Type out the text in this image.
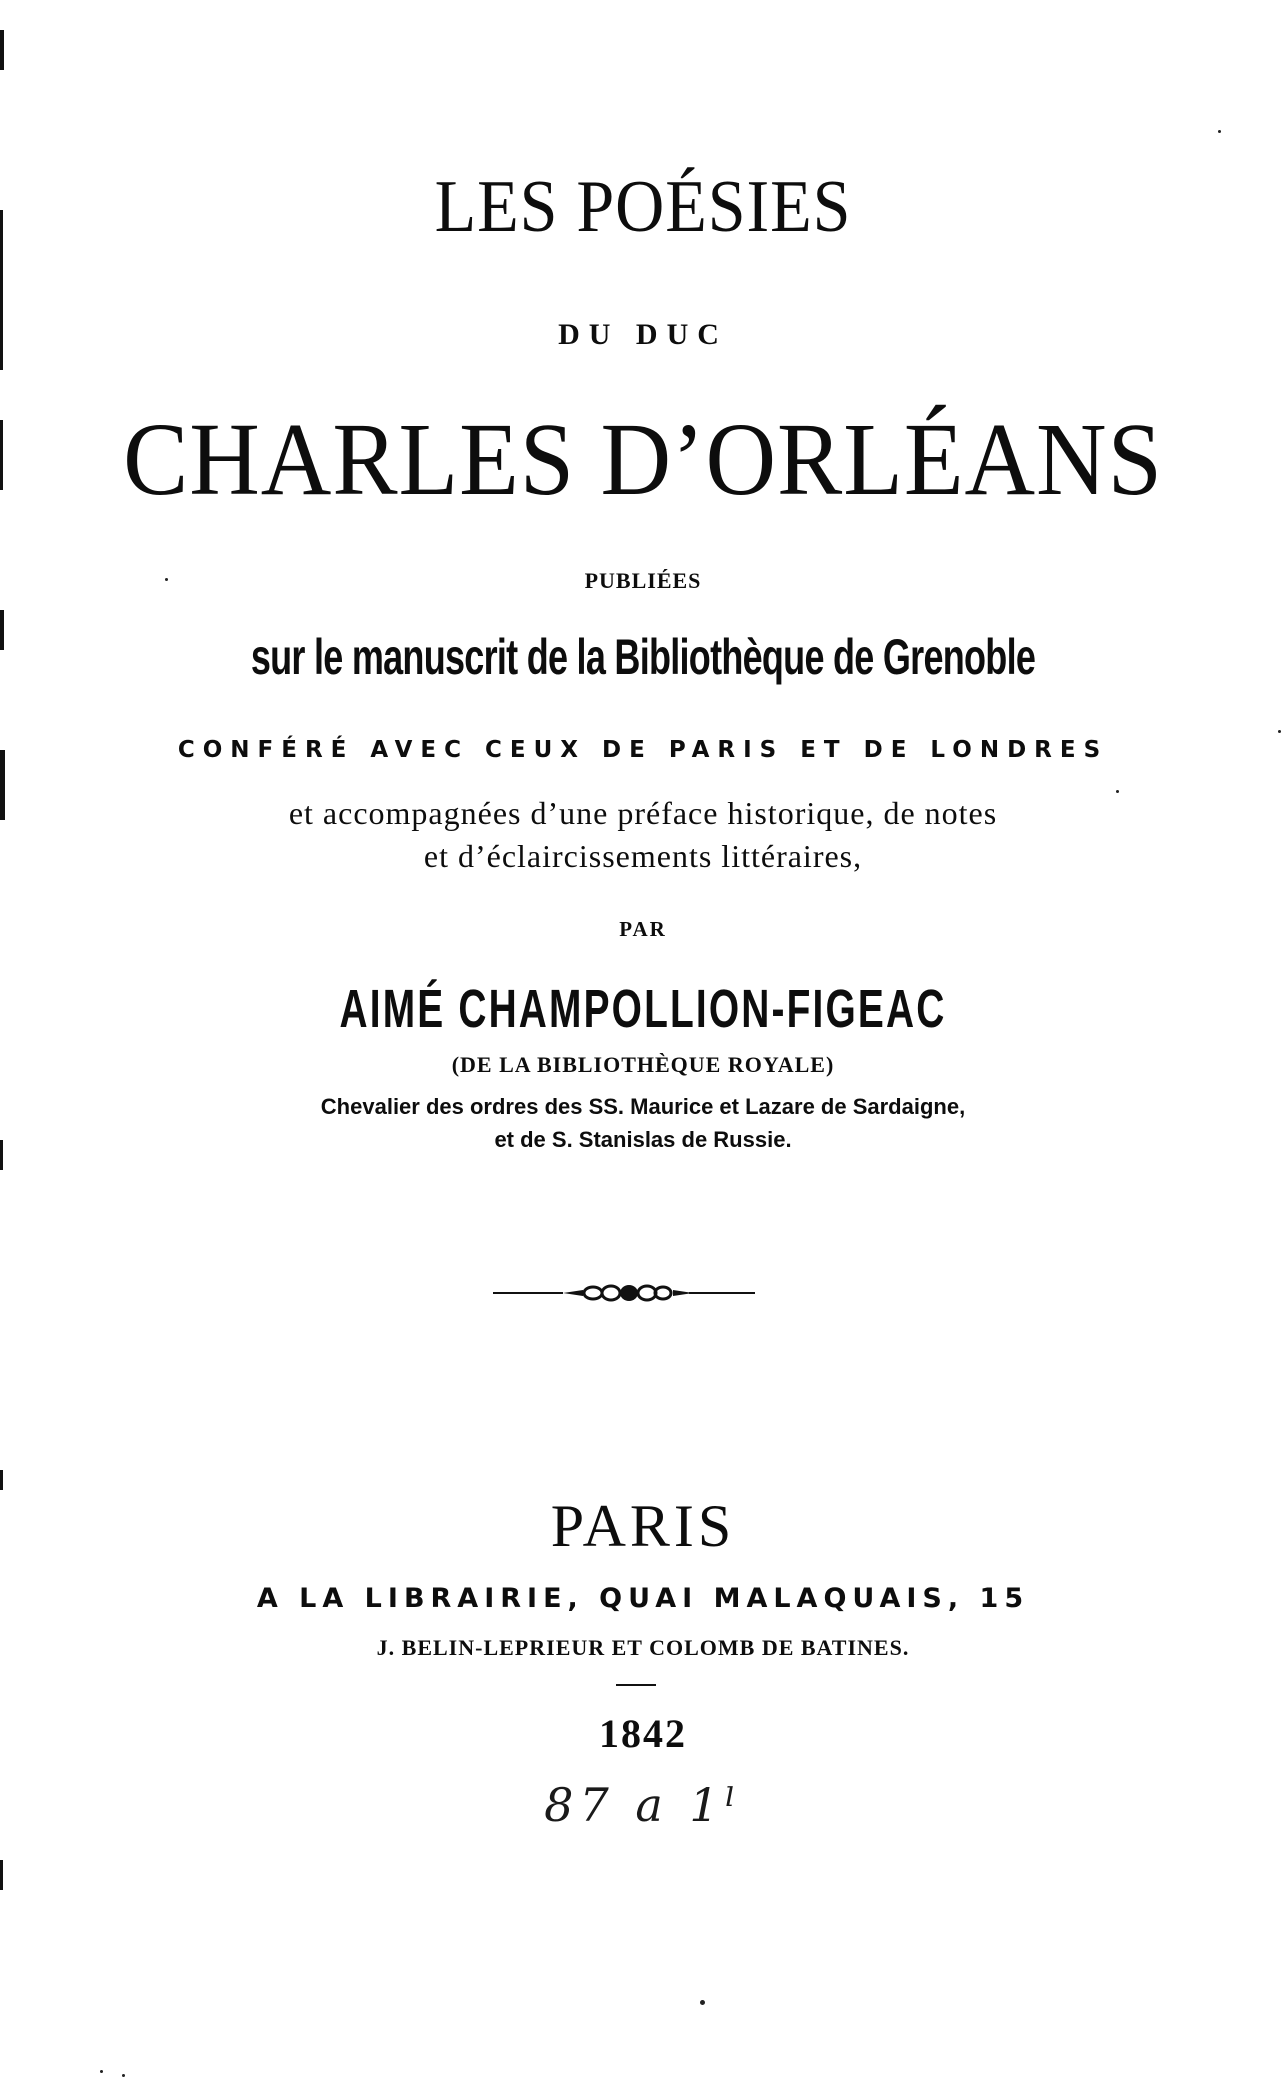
LES POÉSIES
DU DUC
CHARLES D’ORLÉANS
PUBLIÉES
sur le manuscrit de la Bibliothèque de Grenoble
CONFÉRÉ AVEC CEUX DE PARIS ET DE LONDRES
et accompagnées d’une préface historique, de notes
et d’éclaircissements littéraires,
PAR
AIMÉ CHAMPOLLION-FIGEAC
(DE LA BIBLIOTHÈQUE ROYALE)
Chevalier des ordres des SS. Maurice et Lazare de Sardaigne,
et de S. Stanislas de Russie.
PARIS
A LA LIBRAIRIE, QUAI MALAQUAIS, 15
J. BELIN-LEPRIEUR ET COLOMB DE BATINES.
1842
87 a 1ˡ
